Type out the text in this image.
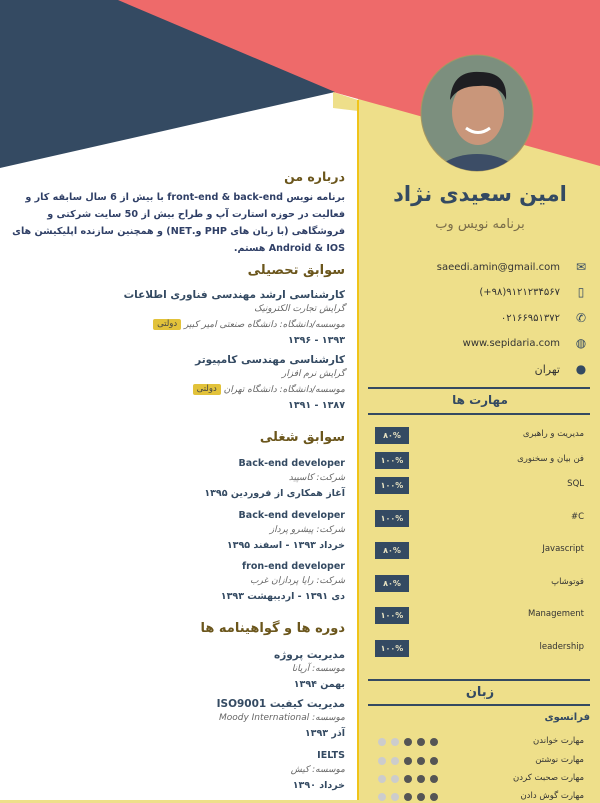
امین سعیدی نژاد
برنامه نویس وب
✉
saeedi.amin@gmail.com
▯
(+۹۸)۹۱۲۱۲۳۴۵۶۷
✆
۰۲۱۶۶۹۵۱۳۷۲
◍
www.sepidaria.com
●
تهران
مهارت ها
۸۰%	مدیریت و راهبری
۱۰۰%	فن بیان و سخنوری
۱۰۰%	SQL
۱۰۰%	C#
۸۰%	Javascript
۸۰%	فوتوشاپ
۱۰۰%	Management
۱۰۰%	leadership
زبان
فرانسوی
مهارت خواندن
مهارت نوشتن
مهارت صحبت کردن
مهارت گوش دادن
درباره من
برنامه نویس front-end & back-end با بیش از 6 سال سابقه کار و فعالیت در حوزه استارت آپ و طراح بیش از 50 سایت شرکتی و فروشگاهی (با زبان های PHP و.NET) و همچنین سازنده اپلیکیشن های Android & IOS هستم.
سوابق تحصیلی
کارشناسی ارشد مهندسی فناوری اطلاعات
گرایش تجارت الکترونیک
موسسه/دانشگاه: دانشگاه صنعتی امیر کبیر دولتی
۱۳۹۳ - ۱۳۹۶
کارشناسی مهندسی کامپیوتر
گرایش نرم افزار
موسسه/دانشگاه: دانشگاه تهران دولتی
۱۳۸۷ - ۱۳۹۱
سوابق شغلی
Back-end developer
شرکت: کاسپید
آغاز همکاری از فروردین ۱۳۹۵
Back-end developer
شرکت: پیشرو پرداز
خرداد ۱۳۹۳ - اسفند ۱۳۹۵
fron-end developer
شرکت: رایا پردازان غرب
دی ۱۳۹۱ - اردیبهشت ۱۳۹۳
دوره ها و گواهینامه ها
مدیریت پروژه
موسسه: آریانا
بهمن ۱۳۹۴
مدیریت کیفیت ISO9001
موسسه: Moody International
آذر ۱۳۹۳
IELTS
موسسه: کیش
خرداد ۱۳۹۰
